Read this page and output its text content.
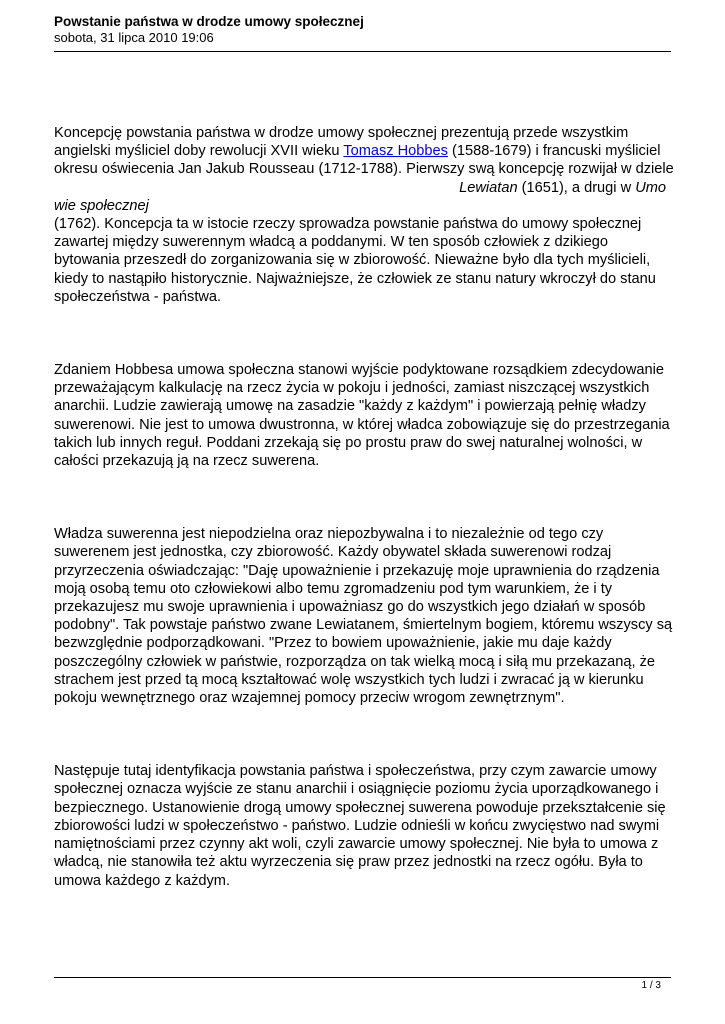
Powstanie państwa w drodze umowy społecznej
sobota, 31 lipca 2010 19:06

Koncepcję powstania państwa w drodze umowy społecznej prezentują przede wszystkim angielski myśliciel doby rewolucji XVII wieku Tomasz Hobbes (1588-1679) i francuski myśliciel okresu oświecenia Jan Jakub Rousseau (1712-1788). Pierwszy swą koncepcję rozwijał w dziele
Lewiatan (1651), a drugi w Umo
wie społecznej
(1762). Koncepcja ta w istocie rzeczy sprowadza powstanie państwa do umowy społecznej zawartej między suwerennym władcą a poddanymi. W ten sposób człowiek z dzikiego bytowania przeszedł do zorganizowania się w zbiorowość. Nieważne było dla tych myślicieli, kiedy to nastąpiło historycznie. Najważniejsze, że człowiek ze stanu natury wkroczył do stanu społeczeństwa - państwa.

Zdaniem Hobbesa umowa społeczna stanowi wyjście podyktowane rozsądkiem zdecydowanie przeważającym kalkulację na rzecz życia w pokoju i jedności, zamiast niszczącej wszystkich anarchii. Ludzie zawierają umowę na zasadzie "każdy z każdym" i powierzają pełnię władzy suwerenowi. Nie jest to umowa dwustronna, w której władca zobowiązuje się do przestrzegania takich lub innych reguł. Poddani zrzekają się po prostu praw do swej naturalnej wolności, w całości przekazują ją na rzecz suwerena.

Władza suwerenna jest niepodzielna oraz niepozbywalna i to niezależnie od tego czy suwerenem jest jednostka, czy zbiorowość. Każdy obywatel składa suwerenowi rodzaj przyrzeczenia oświadczając: "Daję upoważnienie i przekazuję moje uprawnienia do rządzenia moją osobą temu oto człowiekowi albo temu zgromadzeniu pod tym warunkiem, że i ty przekazujesz mu swoje uprawnienia i upoważniasz go do wszystkich jego działań w sposób podobny". Tak powstaje państwo zwane Lewiatanem, śmiertelnym bogiem, któremu wszyscy są bezwzględnie podporządkowani. "Przez to bowiem upoważnienie, jakie mu daje każdy poszczególny człowiek w państwie, rozporządza on tak wielką mocą i siłą mu przekazaną, że strachem jest przed tą mocą kształtować wolę wszystkich tych ludzi i zwracać ją w kierunku pokoju wewnętrznego oraz wzajemnej pomocy przeciw wrogom zewnętrznym".

Następuje tutaj identyfikacja powstania państwa i społeczeństwa, przy czym zawarcie umowy społecznej oznacza wyjście ze stanu anarchii i osiągnięcie poziomu życia uporządkowanego i bezpiecznego. Ustanowienie drogą umowy społecznej suwerena powoduje przekształcenie się zbiorowości ludzi w społeczeństwo - państwo. Ludzie odnieśli w końcu zwycięstwo nad swymi namiętnościami przez czynny akt woli, czyli zawarcie umowy społecznej. Nie była to umowa z władcą, nie stanowiła też aktu wyrzeczenia się praw przez jednostki na rzecz ogółu. Była to umowa każdego z każdym.

1 / 3
